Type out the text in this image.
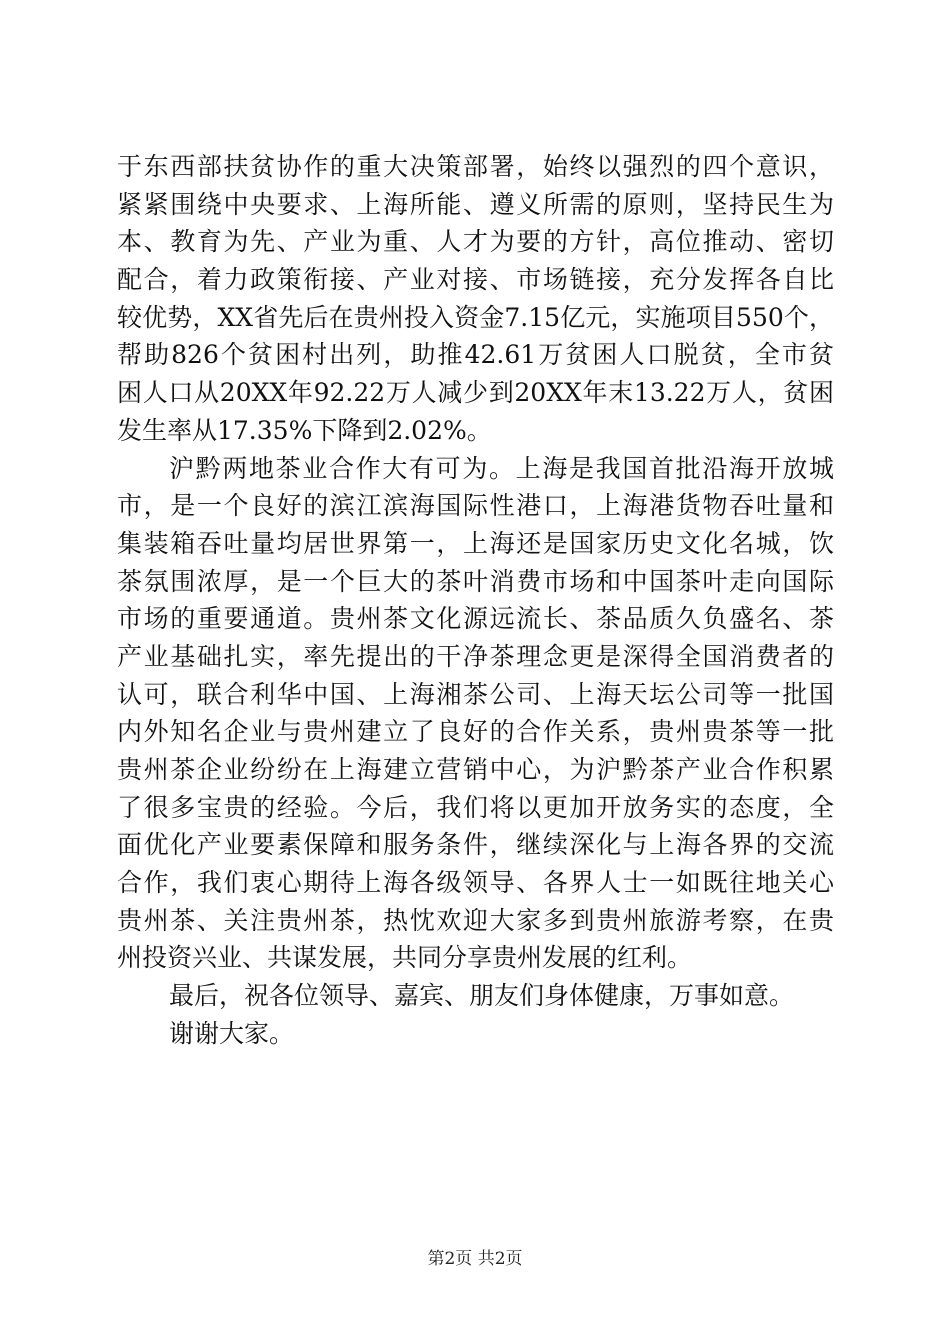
于东西部扶贫协作的重大决策部署，始终以强烈的四个意识，
紧紧围绕中央要求、上海所能、遵义所需的原则，坚持民生为
本、教育为先、产业为重、人才为要的方针，高位推动、密切
配合，着力政策衔接、产业对接、市场链接，充分发挥各自比
较优势，XX省先后在贵州投入资金7.15亿元，实施项目550个，
帮助826个贫困村出列，助推42.61万贫困人口脱贫，全市贫
困人口从20XX年92.22万人减少到20XX年末13.22万人，贫困
发生率从17.35%下降到2.02%。
沪黔两地茶业合作大有可为。上海是我国首批沿海开放城
市，是一个良好的滨江滨海国际性港口，上海港货物吞吐量和
集装箱吞吐量均居世界第一，上海还是国家历史文化名城，饮
茶氛围浓厚，是一个巨大的茶叶消费市场和中国茶叶走向国际
市场的重要通道。贵州茶文化源远流长、茶品质久负盛名、茶
产业基础扎实，率先提出的干净茶理念更是深得全国消费者的
认可，联合利华中国、上海湘茶公司、上海天坛公司等一批国
内外知名企业与贵州建立了良好的合作关系，贵州贵茶等一批
贵州茶企业纷纷在上海建立营销中心，为沪黔茶产业合作积累
了很多宝贵的经验。今后，我们将以更加开放务实的态度，全
面优化产业要素保障和服务条件，继续深化与上海各界的交流
合作，我们衷心期待上海各级领导、各界人士一如既往地关心
贵州茶、关注贵州茶，热忱欢迎大家多到贵州旅游考察，在贵
州投资兴业、共谋发展，共同分享贵州发展的红利。
最后，祝各位领导、嘉宾、朋友们身体健康，万事如意。
谢谢大家。
第2页 共2页
